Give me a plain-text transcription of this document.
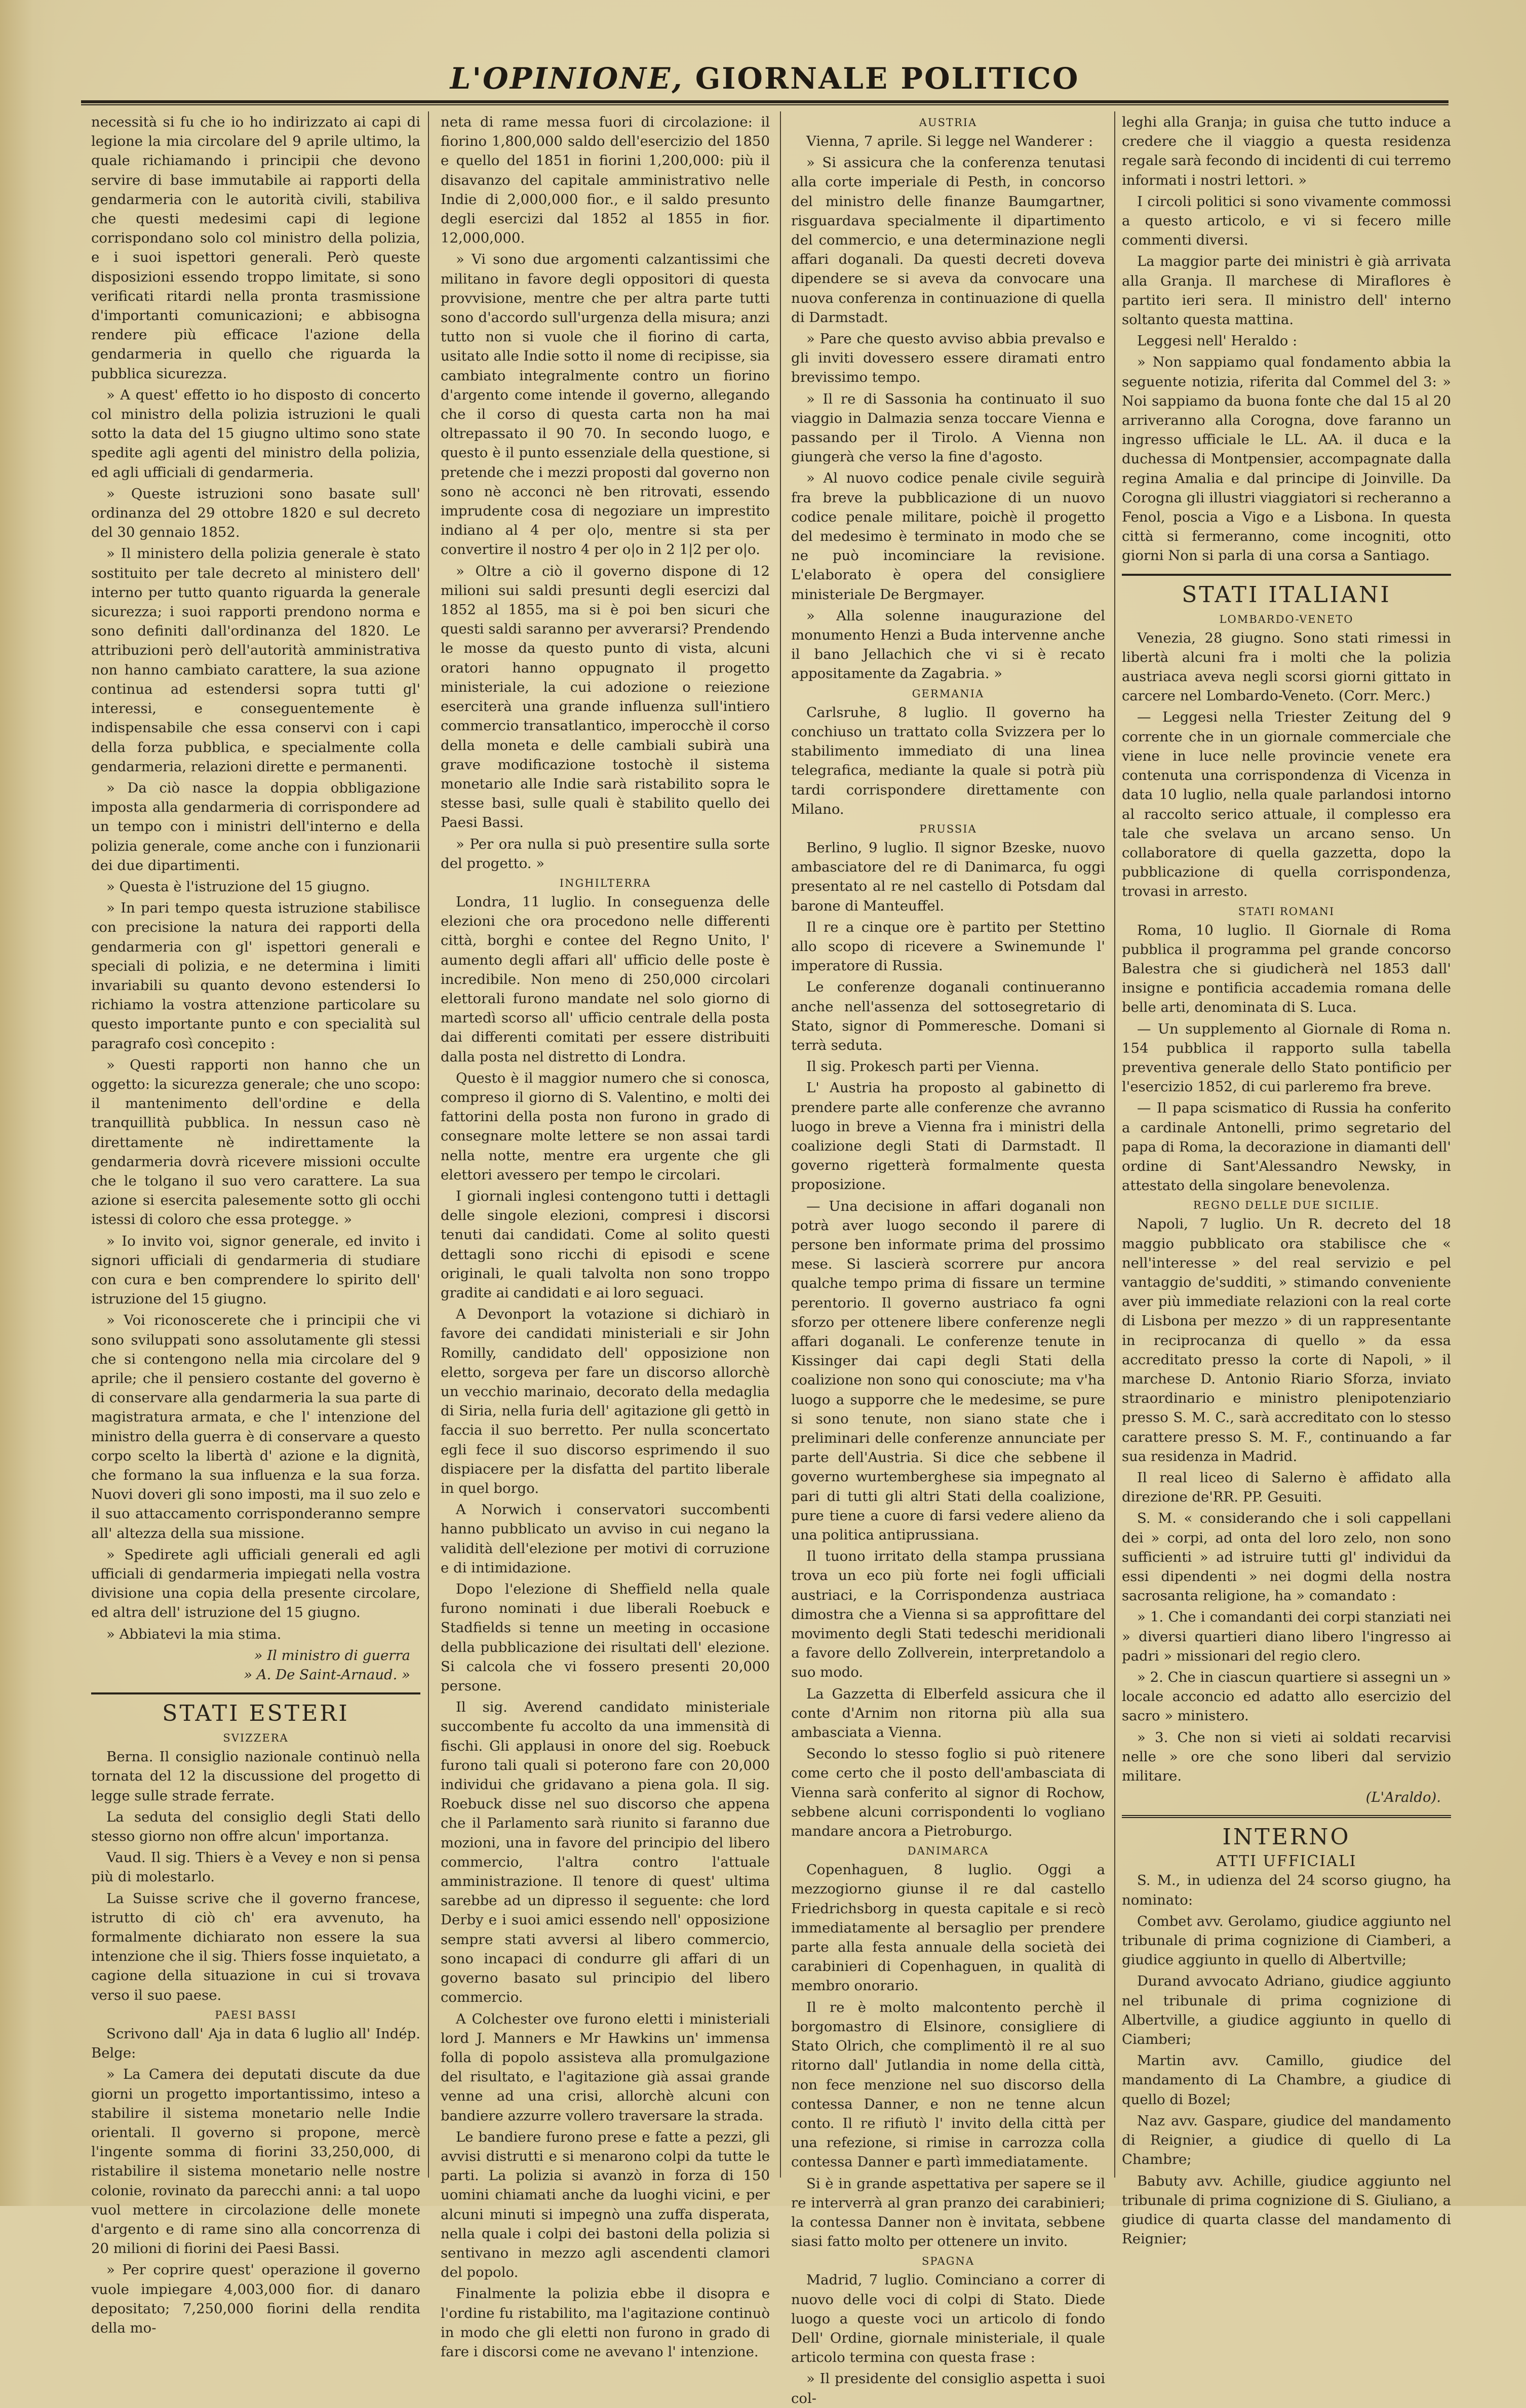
L'OPINIONE, GIORNALE POLITICO

necessità si fu che io ho indirizzato ai capi di legione la mia circolare del 9 aprile ultimo, la quale richiamando i principii che devono servire di base immutabile ai rapporti della gendarmeria con le autorità civili, stabiliva che questi medesimi capi di legione corrispondano solo col ministro della polizia, e i suoi ispettori generali. Però queste disposizioni essendo troppo limitate, si sono verificati ritardi nella pronta trasmissione d'importanti comunicazioni; e abbisogna rendere più efficace l'azione della gendarmeria in quello che riguarda la pubblica sicurezza.

» A quest' effetto io ho disposto di concerto col ministro della polizia istruzioni le quali sotto la data del 15 giugno ultimo sono state spedite agli agenti del ministro della polizia, ed agli ufficiali di gendarmeria.

» Queste istruzioni sono basate sull' ordinanza del 29 ottobre 1820 e sul decreto del 30 gennaio 1852.

» Il ministero della polizia generale è stato sostituito per tale decreto al ministero dell' interno per tutto quanto riguarda la generale sicurezza; i suoi rapporti prendono norma e sono definiti dall'ordinanza del 1820. Le attribuzioni però dell'autorità amministrativa non hanno cambiato carattere, la sua azione continua ad estendersi sopra tutti gl' interessi, e conseguentemente è indispensabile che essa conservi con i capi della forza pubblica, e specialmente colla gendarmeria, relazioni dirette e permanenti.

» Da ciò nasce la doppia obbligazione imposta alla gendarmeria di corrispondere ad un tempo con i ministri dell'interno e della polizia generale, come anche con i funzionarii dei due dipartimenti.

» Questa è l'istruzione del 15 giugno.

» In pari tempo questa istruzione stabilisce con precisione la natura dei rapporti della gendarmeria con gl' ispettori generali e speciali di polizia, e ne determina i limiti invariabili su quanto devono estendersi Io richiamo la vostra attenzione particolare su questo importante punto e con specialità sul paragrafo così concepito :

» Questi rapporti non hanno che un oggetto: la sicurezza generale; che uno scopo: il mantenimento dell'ordine e della tranquillità pubblica. In nessun caso nè direttamente nè indirettamente la gendarmeria dovrà ricevere missioni occulte che le tolgano il suo vero carattere. La sua azione si esercita palesemente sotto gli occhi istessi di coloro che essa protegge. »

» Io invito voi, signor generale, ed invito i signori ufficiali di gendarmeria di studiare con cura e ben comprendere lo spirito dell' istruzione del 15 giugno.

» Voi riconoscerete che i principii che vi sono sviluppati sono assolutamente gli stessi che si contengono nella mia circolare del 9 aprile; che il pensiero costante del governo è di conservare alla gendarmeria la sua parte di magistratura armata, e che l' intenzione del ministro della guerra è di conservare a questo corpo scelto la libertà d' azione e la dignità, che formano la sua influenza e la sua forza. Nuovi doveri gli sono imposti, ma il suo zelo e il suo attaccamento corrisponderanno sempre all' altezza della sua missione.

» Spedirete agli ufficiali generali ed agli ufficiali di gendarmeria impiegati nella vostra divisione una copia della presente circolare, ed altra dell' istruzione del 15 giugno.

» Abbiatevi la mia stima.

» Il ministro di guerra
» A. De Saint-Arnaud. »
STATI ESTERI
SVIZZERA

Berna. Il consiglio nazionale continuò nella tornata del 12 la discussione del progetto di legge sulle strade ferrate.

La seduta del consiglio degli Stati dello stesso giorno non offre alcun' importanza.

Vaud. Il sig. Thiers è a Vevey e non si pensa più di molestarlo.

La Suisse scrive che il governo francese, istrutto di ciò ch' era avvenuto, ha formalmente dichiarato non essere la sua intenzione che il sig. Thiers fosse inquietato, a cagione della situazione in cui si trovava verso il suo paese.

PAESI BASSI

Scrivono dall' Aja in data 6 luglio all' Indép. Belge:

» La Camera dei deputati discute da due giorni un progetto importantissimo, inteso a stabilire il sistema monetario nelle Indie orientali. Il governo si propone, mercè l'ingente somma di fiorini 33,250,000, di ristabilire il sistema monetario nelle nostre colonie, rovinato da parecchi anni: a tal uopo vuol mettere in circolazione delle monete d'argento e di rame sino alla concorrenza di 20 milioni di fiorini dei Paesi Bassi.

» Per coprire quest' operazione il governo vuole impiegare 4,003,000 fior. di danaro depositato; 7,250,000 fiorini della rendita della mo-

neta di rame messa fuori di circolazione: il fiorino 1,800,000 saldo dell'esercizio del 1850 e quello del 1851 in fiorini 1,200,000: più il disavanzo del capitale amministrativo nelle Indie di 2,000,000 fior., e il saldo presunto degli esercizi dal 1852 al 1855 in fior. 12,000,000.

» Vi sono due argomenti calzantissimi che militano in favore degli oppositori di questa provvisione, mentre che per altra parte tutti sono d'accordo sull'urgenza della misura; anzi tutto non si vuole che il fiorino di carta, usitato alle Indie sotto il nome di recipisse, sia cambiato integralmente contro un fiorino d'argento come intende il governo, allegando che il corso di questa carta non ha mai oltrepassato il 90 70. In secondo luogo, e questo è il punto essenziale della questione, si pretende che i mezzi proposti dal governo non sono nè acconci nè ben ritrovati, essendo imprudente cosa di negoziare un imprestito indiano al 4 per o|o, mentre si sta per convertire il nostro 4 per o|o in 2 1|2 per o|o.

» Oltre a ciò il governo dispone di 12 milioni sui saldi presunti degli esercizi dal 1852 al 1855, ma si è poi ben sicuri che questi saldi saranno per avverarsi? Prendendo le mosse da questo punto di vista, alcuni oratori hanno oppugnato il progetto ministeriale, la cui adozione o reiezione eserciterà una grande influenza sull'intiero commercio transatlantico, imperocchè il corso della moneta e delle cambiali subirà una grave modificazione tostochè il sistema monetario alle Indie sarà ristabilito sopra le stesse basi, sulle quali è stabilito quello dei Paesi Bassi.

» Per ora nulla si può presentire sulla sorte del progetto. »

INGHILTERRA

Londra, 11 luglio. In conseguenza delle elezioni che ora procedono nelle differenti città, borghi e contee del Regno Unito, l' aumento degli affari all' ufficio delle poste è incredibile. Non meno di 250,000 circolari elettorali furono mandate nel solo giorno di martedì scorso all' ufficio centrale della posta dai differenti comitati per essere distribuiti dalla posta nel distretto di Londra.

Questo è il maggior numero che si conosca, compreso il giorno di S. Valentino, e molti dei fattorini della posta non furono in grado di consegnare molte lettere se non assai tardi nella notte, mentre era urgente che gli elettori avessero per tempo le circolari.

I giornali inglesi contengono tutti i dettagli delle singole elezioni, compresi i discorsi tenuti dai candidati. Come al solito questi dettagli sono ricchi di episodi e scene originali, le quali talvolta non sono troppo gradite ai candidati e ai loro seguaci.

A Devonport la votazione si dichiarò in favore dei candidati ministeriali e sir John Romilly, candidato dell' opposizione non eletto, sorgeva per fare un discorso allorchè un vecchio marinaio, decorato della medaglia di Siria, nella furia dell' agitazione gli gettò in faccia il suo berretto. Per nulla sconcertato egli fece il suo discorso esprimendo il suo dispiacere per la disfatta del partito liberale in quel borgo.

A Norwich i conservatori succombenti hanno pubblicato un avviso in cui negano la validità dell'elezione per motivi di corruzione e di intimidazione.

Dopo l'elezione di Sheffield nella quale furono nominati i due liberali Roebuck e Stadfields si tenne un meeting in occasione della pubblicazione dei risultati dell' elezione. Si calcola che vi fossero presenti 20,000 persone.

Il sig. Averend candidato ministeriale succombente fu accolto da una immensità di fischi. Gli applausi in onore del sig. Roebuck furono tali quali si poterono fare con 20,000 individui che gridavano a piena gola. Il sig. Roebuck disse nel suo discorso che appena che il Parlamento sarà riunito si faranno due mozioni, una in favore del principio del libero commercio, l'altra contro l'attuale amministrazione. Il tenore di quest' ultima sarebbe ad un dipresso il seguente: che lord Derby e i suoi amici essendo nell' opposizione sempre stati avversi al libero commercio, sono incapaci di condurre gli affari di un governo basato sul principio del libero commercio.

A Colchester ove furono eletti i ministeriali lord J. Manners e Mr Hawkins un' immensa folla di popolo assisteva alla promulgazione del risultato, e l'agitazione già assai grande venne ad una crisi, allorchè alcuni con bandiere azzurre vollero traversare la strada.

Le bandiere furono prese e fatte a pezzi, gli avvisi distrutti e si menarono colpi da tutte le parti. La polizia si avanzò in forza di 150 uomini chiamati anche da luoghi vicini, e per alcuni minuti si impegnò una zuffa disperata, nella quale i colpi dei bastoni della polizia si sentivano in mezzo agli ascendenti clamori del popolo.

Finalmente la polizia ebbe il disopra e l'ordine fu ristabilito, ma l'agitazione continuò in modo che gli eletti non furono in grado di fare i discorsi come ne avevano l' intenzione.

AUSTRIA

Vienna, 7 aprile. Si legge nel Wanderer :

» Si assicura che la conferenza tenutasi alla corte imperiale di Pesth, in concorso del ministro delle finanze Baumgartner, risguardava specialmente il dipartimento del commercio, e una determinazione negli affari doganali. Da questi decreti doveva dipendere se si aveva da convocare una nuova conferenza in continuazione di quella di Darmstadt.

» Pare che questo avviso abbia prevalso e gli inviti dovessero essere diramati entro brevissimo tempo.

» Il re di Sassonia ha continuato il suo viaggio in Dalmazia senza toccare Vienna e passando per il Tirolo. A Vienna non giungerà che verso la fine d'agosto.

» Al nuovo codice penale civile seguirà fra breve la pubblicazione di un nuovo codice penale militare, poichè il progetto del medesimo è terminato in modo che se ne può incominciare la revisione. L'elaborato è opera del consigliere ministeriale De Bergmayer.

» Alla solenne inaugurazione del monumento Henzi a Buda intervenne anche il bano Jellachich che vi si è recato appositamente da Zagabria. »

GERMANIA

Carlsruhe, 8 luglio. Il governo ha conchiuso un trattato colla Svizzera per lo stabilimento immediato di una linea telegrafica, mediante la quale si potrà più tardi corrispondere direttamente con Milano.

PRUSSIA

Berlino, 9 luglio. Il signor Bzeske, nuovo ambasciatore del re di Danimarca, fu oggi presentato al re nel castello di Potsdam dal barone di Manteuffel.

Il re a cinque ore è partito per Stettino allo scopo di ricevere a Swinemunde l' imperatore di Russia.

Le conferenze doganali continueranno anche nell'assenza del sottosegretario di Stato, signor di Pommeresche. Domani si terrà seduta.

Il sig. Prokesch parti per Vienna.

L' Austria ha proposto al gabinetto di prendere parte alle conferenze che avranno luogo in breve a Vienna fra i ministri della coalizione degli Stati di Darmstadt. Il governo rigetterà formalmente questa proposizione.

— Una decisione in affari doganali non potrà aver luogo secondo il parere di persone ben informate prima del prossimo mese. Si lascierà scorrere pur ancora qualche tempo prima di fissare un termine perentorio. Il governo austriaco fa ogni sforzo per ottenere libere conferenze negli affari doganali. Le conferenze tenute in Kissinger dai capi degli Stati della coalizione non sono qui conosciute; ma v'ha luogo a supporre che le medesime, se pure si sono tenute, non siano state che i preliminari delle conferenze annunciate per parte dell'Austria. Si dice che sebbene il governo wurtemberghese sia impegnato al pari di tutti gli altri Stati della coalizione, pure tiene a cuore di farsi vedere alieno da una politica antiprussiana.

Il tuono irritato della stampa prussiana trova un eco più forte nei fogli ufficiali austriaci, e la Corrispondenza austriaca dimostra che a Vienna si sa approfittare del movimento degli Stati tedeschi meridionali a favore dello Zollverein, interpretandolo a suo modo.

La Gazzetta di Elberfeld assicura che il conte d'Arnim non ritorna più alla sua ambasciata a Vienna.

Secondo lo stesso foglio si può ritenere come certo che il posto dell'ambasciata di Vienna sarà conferito al signor di Rochow, sebbene alcuni corrispondenti lo vogliano mandare ancora a Pietroburgo.

DANIMARCA

Copenhaguen, 8 luglio. Oggi a mezzogiorno giunse il re dal castello Friedrichsborg in questa capitale e si recò immediatamente al bersaglio per prendere parte alla festa annuale della società dei carabinieri di Copenhaguen, in qualità di membro onorario.

Il re è molto malcontento perchè il borgomastro di Elsinore, consigliere di Stato Olrich, che complimentò il re al suo ritorno dall' Jutlandia in nome della città, non fece menzione nel suo discorso della contessa Danner, e non ne tenne alcun conto. Il re rifiutò l' invito della città per una refezione, si rimise in carrozza colla contessa Danner e partì immediatamente.

Si è in grande aspettativa per sapere se il re interverrà al gran pranzo dei carabinieri; la contessa Danner non è invitata, sebbene siasi fatto molto per ottenere un invito.

SPAGNA

Madrid, 7 luglio. Cominciano a correr di nuovo delle voci di colpi di Stato. Diede luogo a queste voci un articolo di fondo Dell' Ordine, giornale ministeriale, il quale articolo termina con questa frase :

» Il presidente del consiglio aspetta i suoi col-

leghi alla Granja; in guisa che tutto induce a credere che il viaggio a questa residenza regale sarà fecondo di incidenti di cui terremo informati i nostri lettori. »

I circoli politici si sono vivamente commossi a questo articolo, e vi si fecero mille commenti diversi.

La maggior parte dei ministri è già arrivata alla Granja. Il marchese di Miraflores è partito ieri sera. Il ministro dell' interno soltanto questa mattina.

Leggesi nell' Heraldo :

» Non sappiamo qual fondamento abbia la seguente notizia, riferita dal Commel del 3: » Noi sappiamo da buona fonte che dal 15 al 20 arriveranno alla Corogna, dove faranno un ingresso ufficiale le LL. AA. il duca e la duchessa di Montpensier, accompagnate dalla regina Amalia e dal principe di Joinville. Da Corogna gli illustri viaggiatori si recheranno a Fenol, poscia a Vigo e a Lisbona. In questa città si fermeranno, come incogniti, otto giorni Non si parla di una corsa a Santiago.

STATI ITALIANI
LOMBARDO-VENETO

Venezia, 28 giugno. Sono stati rimessi in libertà alcuni fra i molti che la polizia austriaca aveva negli scorsi giorni gittato in carcere nel Lombardo-Veneto. (Corr. Merc.)

— Leggesi nella Triester Zeitung del 9 corrente che in un giornale commerciale che viene in luce nelle provincie venete era contenuta una corrispondenza di Vicenza in data 10 luglio, nella quale parlandosi intorno al raccolto serico attuale, il complesso era tale che svelava un arcano senso. Un collaboratore di quella gazzetta, dopo la pubblicazione di quella corrispondenza, trovasi in arresto.

STATI ROMANI

Roma, 10 luglio. Il Giornale di Roma pubblica il programma pel grande concorso Balestra che si giudicherà nel 1853 dall' insigne e pontificia accademia romana delle belle arti, denominata di S. Luca.

— Un supplemento al Giornale di Roma n. 154 pubblica il rapporto sulla tabella preventiva generale dello Stato pontificio per l'esercizio 1852, di cui parleremo fra breve.

— Il papa scismatico di Russia ha conferito a cardinale Antonelli, primo segretario del papa di Roma, la decorazione in diamanti dell' ordine di Sant'Alessandro Newsky, in attestato della singolare benevolenza.

REGNO DELLE DUE SICILIE.

Napoli, 7 luglio. Un R. decreto del 18 maggio pubblicato ora stabilisce che « nell'interesse » del real servizio e pel vantaggio de'sudditi, » stimando conveniente aver più immediate relazioni con la real corte di Lisbona per mezzo » di un rappresentante in reciprocanza di quello » da essa accreditato presso la corte di Napoli, » il marchese D. Antonio Riario Sforza, inviato straordinario e ministro plenipotenziario presso S. M. C., sarà accreditato con lo stesso carattere presso S. M. F., continuando a far sua residenza in Madrid.

Il real liceo di Salerno è affidato alla direzione de'RR. PP. Gesuiti.

S. M. « considerando che i soli cappellani dei » corpi, ad onta del loro zelo, non sono sufficienti » ad istruire tutti gl' individui da essi dipendenti » nei dogmi della nostra sacrosanta religione, ha » comandato :

» 1. Che i comandanti dei corpi stanziati nei » diversi quartieri diano libero l'ingresso ai padri » missionari del regio clero.

» 2. Che in ciascun quartiere si assegni un » locale acconcio ed adatto allo esercizio del sacro » ministero.

» 3. Che non si vieti ai soldati recarvisi nelle » ore che sono liberi dal servizio militare.

(L'Araldo).
INTERNO
ATTI UFFICIALI

S. M., in udienza del 24 scorso giugno, ha nominato:

Combet avv. Gerolamo, giudice aggiunto nel tribunale di prima cognizione di Ciamberi, a giudice aggiunto in quello di Albertville;

Durand avvocato Adriano, giudice aggiunto nel tribunale di prima cognizione di Albertville, a giudice aggiunto in quello di Ciamberi;

Martin avv. Camillo, giudice del mandamento di La Chambre, a giudice di quello di Bozel;

Naz avv. Gaspare, giudice del mandamento di Reignier, a giudice di quello di La Chambre;

Babuty avv. Achille, giudice aggiunto nel tribunale di prima cognizione di S. Giuliano, a giudice di quarta classe del mandamento di Reignier;
